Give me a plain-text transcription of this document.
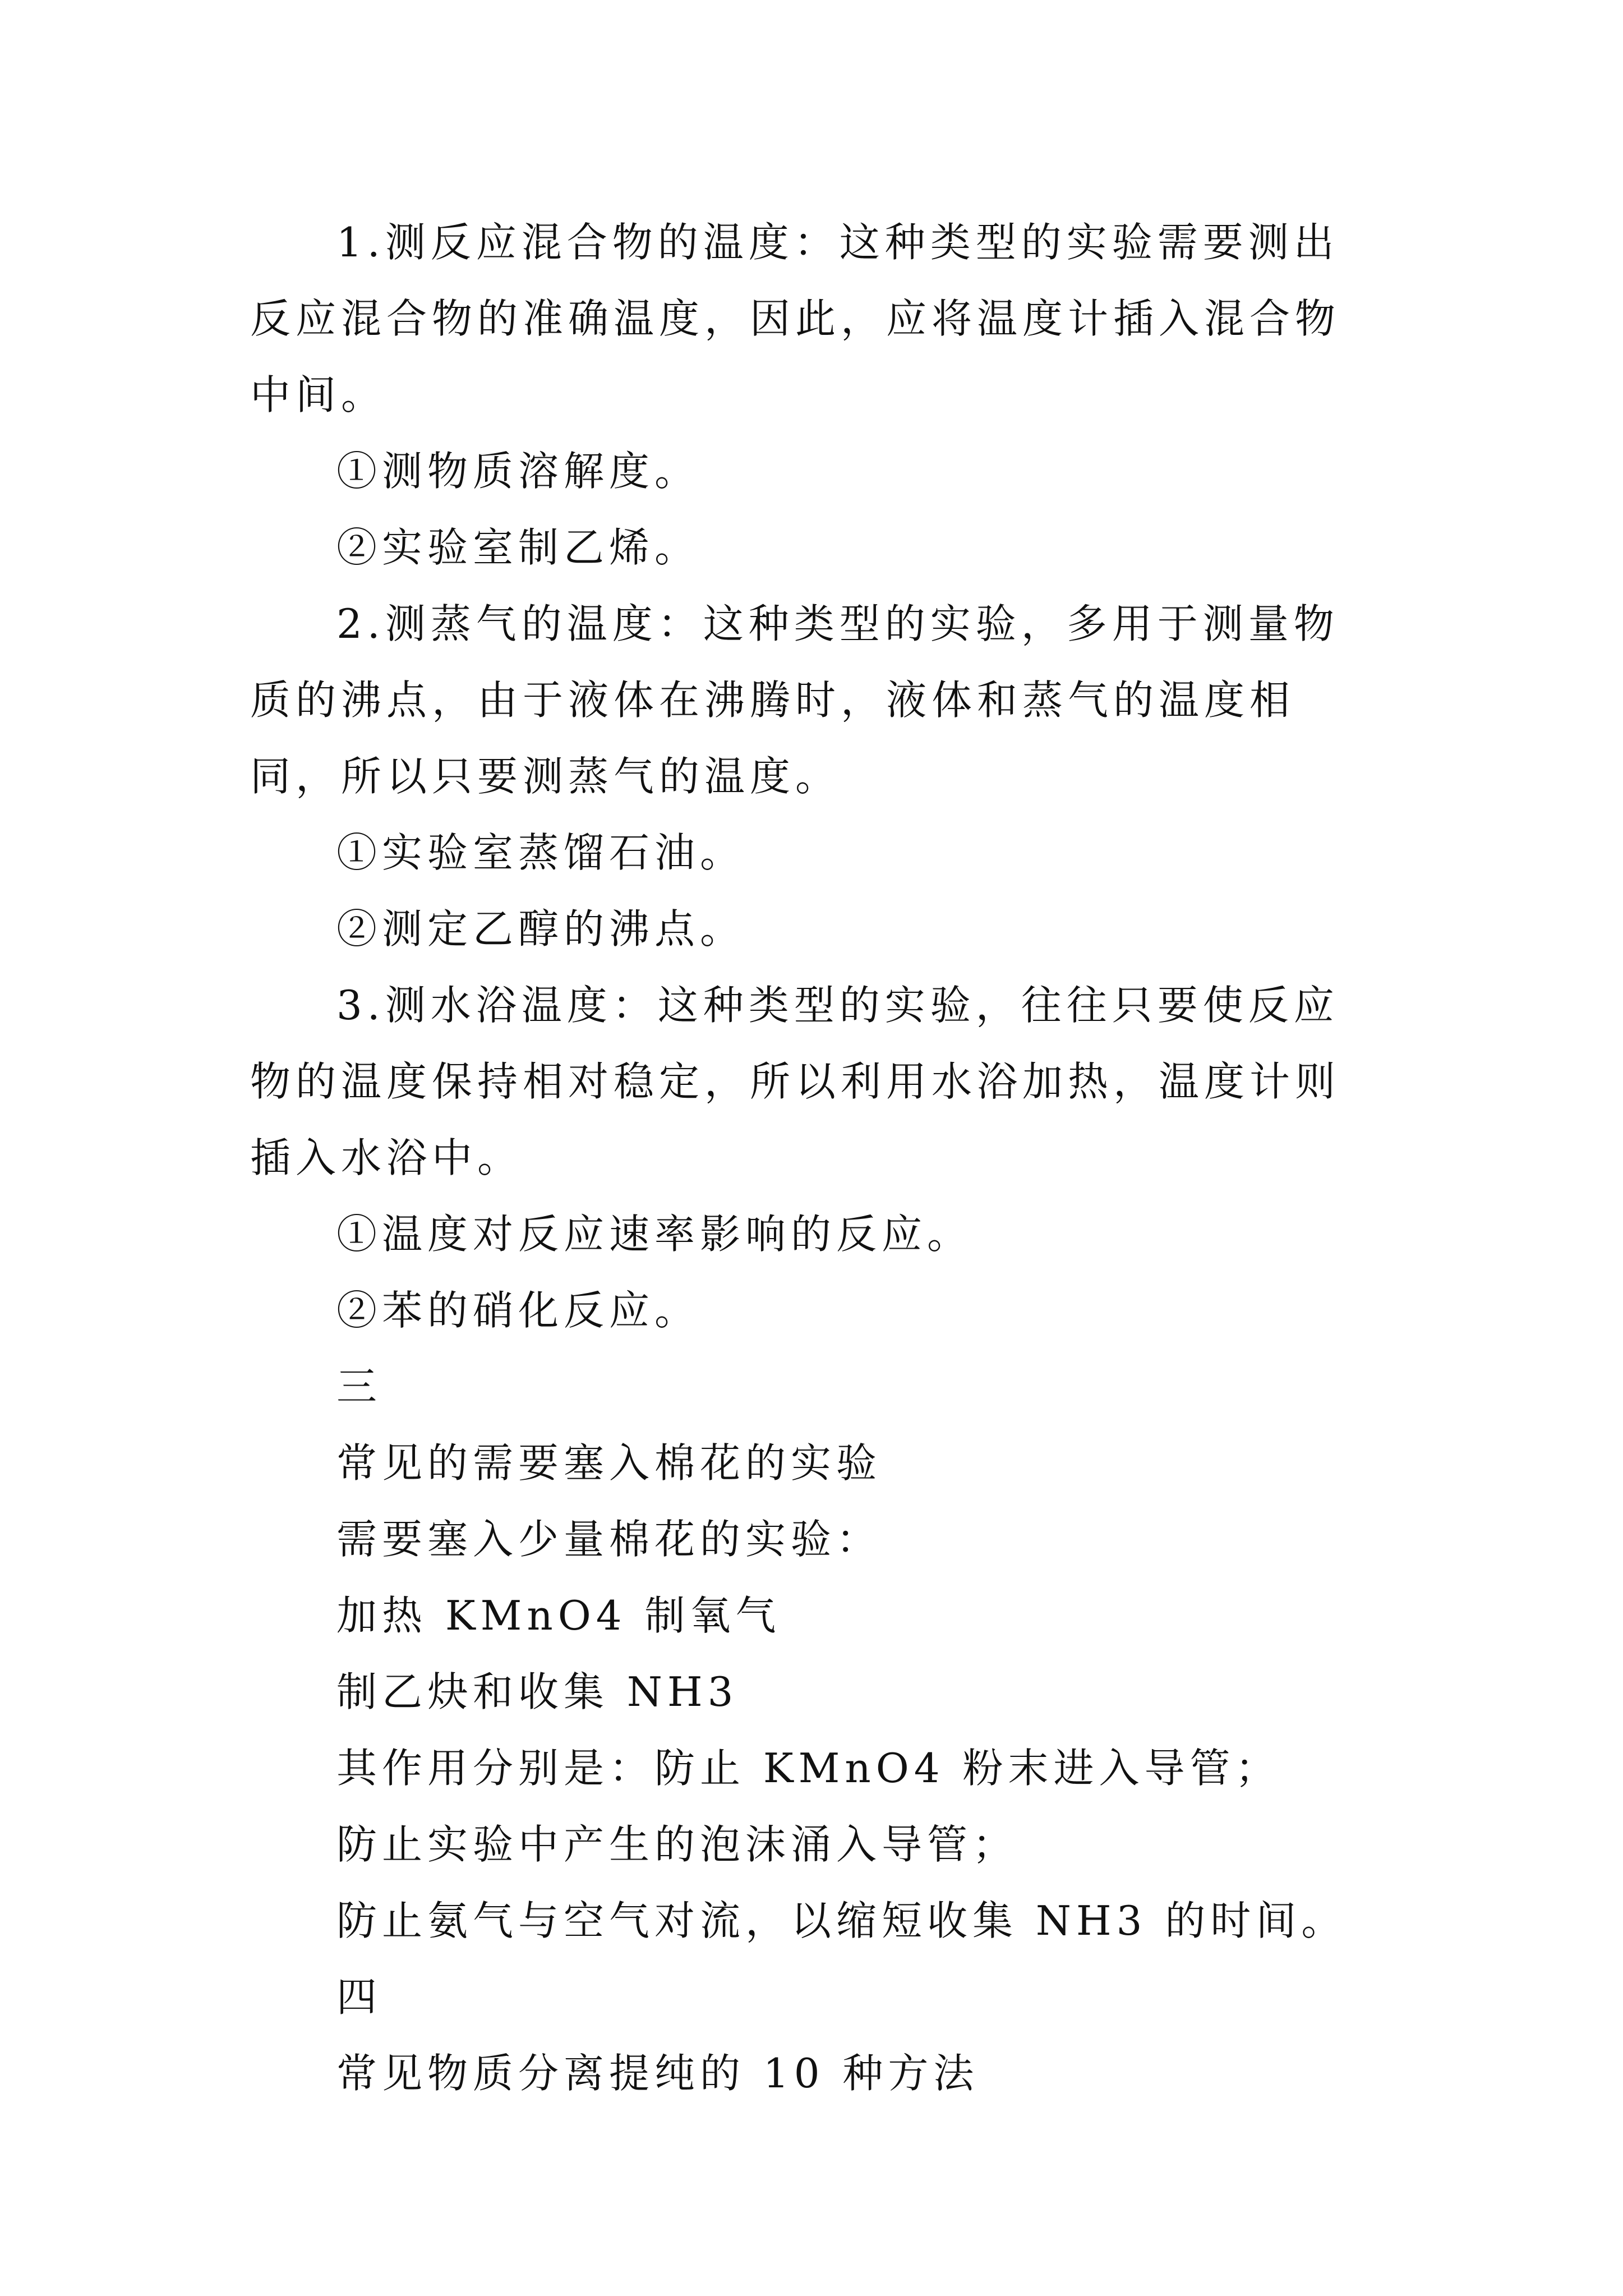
1.测反应混合物的温度：这种类型的实验需要测出反应混合物的准确温度，因此，应将温度计插入混合物中间。

①测物质溶解度。

②实验室制乙烯。

2.测蒸气的温度：这种类型的实验，多用于测量物质的沸点，由于液体在沸腾时，液体和蒸气的温度相同，所以只要测蒸气的温度。

①实验室蒸馏石油。

②测定乙醇的沸点。

3.测水浴温度：这种类型的实验，往往只要使反应物的温度保持相对稳定，所以利用水浴加热，温度计则插入水浴中。

①温度对反应速率影响的反应。

②苯的硝化反应。

三

常见的需要塞入棉花的实验

需要塞入少量棉花的实验：

加热 KMnO4 制氧气

制乙炔和收集 NH3

其作用分别是：防止 KMnO4 粉末进入导管；

防止实验中产生的泡沫涌入导管；

防止氨气与空气对流，以缩短收集 NH3 的时间。

四

常见物质分离提纯的 10 种方法
